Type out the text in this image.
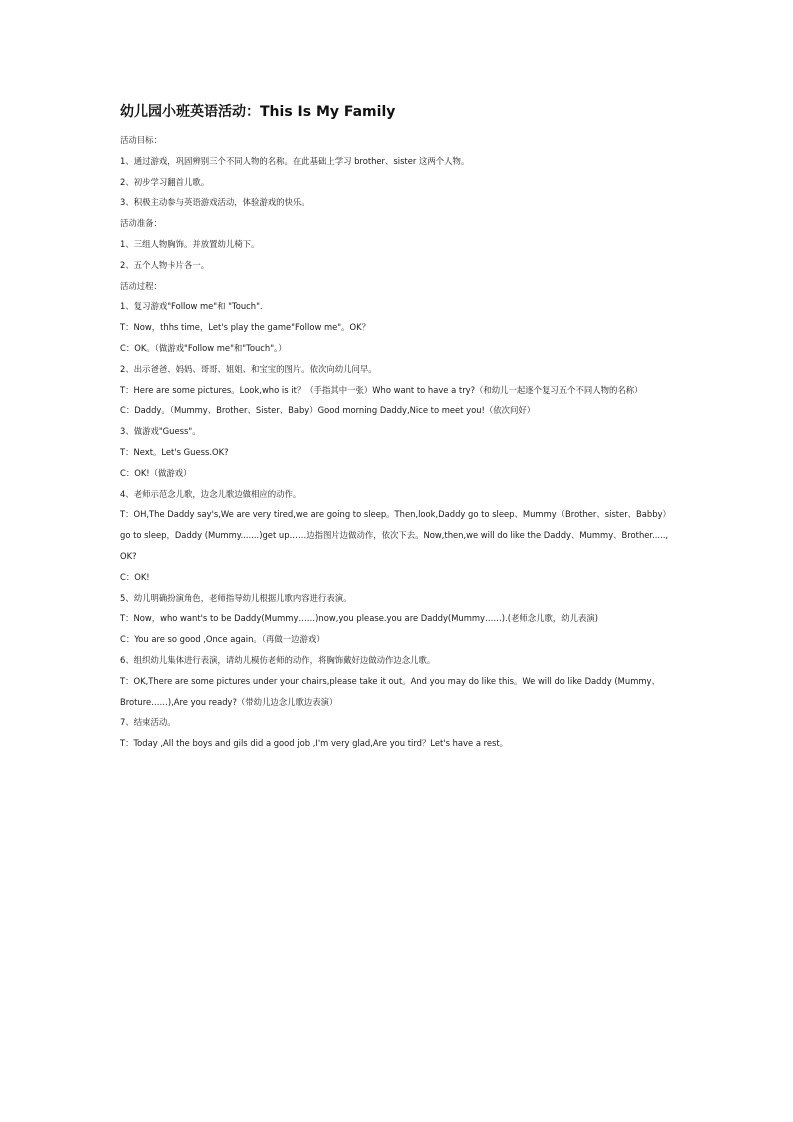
幼儿园小班英语活动：This Is My Family
活动目标：
1、通过游戏，巩固辨别三个不同人物的名称。在此基础上学习 brother、sister 这两个人物。
2、初步学习翻首儿歌。
3、积极主动参与英语游戏活动，体验游戏的快乐。
活动准备：
1、三组人物胸饰。并放置幼儿椅下。
2、五个人物卡片各一。
活动过程：
1、复习游戏"Follow me"和 "Touch".
T：Now，thhs time，Let's play the game"Follow me"。OK？
C：OK。（做游戏"Follow me"和"Touch"。）
2、出示爸爸、妈妈、哥哥、姐姐、和宝宝的图片。依次向幼儿问早。
T：Here are some pictures。Look,who is it？（手指其中一张）Who want to have a try?（和幼儿一起逐个复习五个不同人物的名称）
C：Daddy。（Mummy、Brother、Sister、Baby）Good morning Daddy,Nice to meet you!（依次问好）
3、做游戏"Guess"。
T：Next。Let's Guess.OK?
C：OK!（做游戏）
4、老师示范念儿歌，边念儿歌边做相应的动作。
T：OH,The Daddy say's,We are very tired,we are going to sleep。Then,look,Daddy go to sleep、Mummy（Brother、sister、Babby）
go to sleep，Daddy (Mummy.......)get up……边指图片边做动作，依次下去。Now,then,we will do like the Daddy、Mummy、Brother.....,
OK?
C：OK!
5、幼儿明确扮演角色，老师指导幼儿根据儿歌内容进行表演。
T：Now，who want's to be Daddy(Mummy……)now,you please.you are Daddy(Mummy……).(老师念儿歌，幼儿表演)
C：You are so good ,Once again。（再做一边游戏）
6、组织幼儿集体进行表演，请幼儿模仿老师的动作，将胸饰戴好边做动作边念儿歌。
T：OK,There are some pictures under your chairs,please take it out。And you may do like this。We will do like Daddy (Mummy、
Broture……),Are you ready?（带幼儿边念儿歌边表演）
7、结束活动。
T：Today ,All the boys and gils did a good job ,I'm very glad,Are you tird？Let's have a rest。
